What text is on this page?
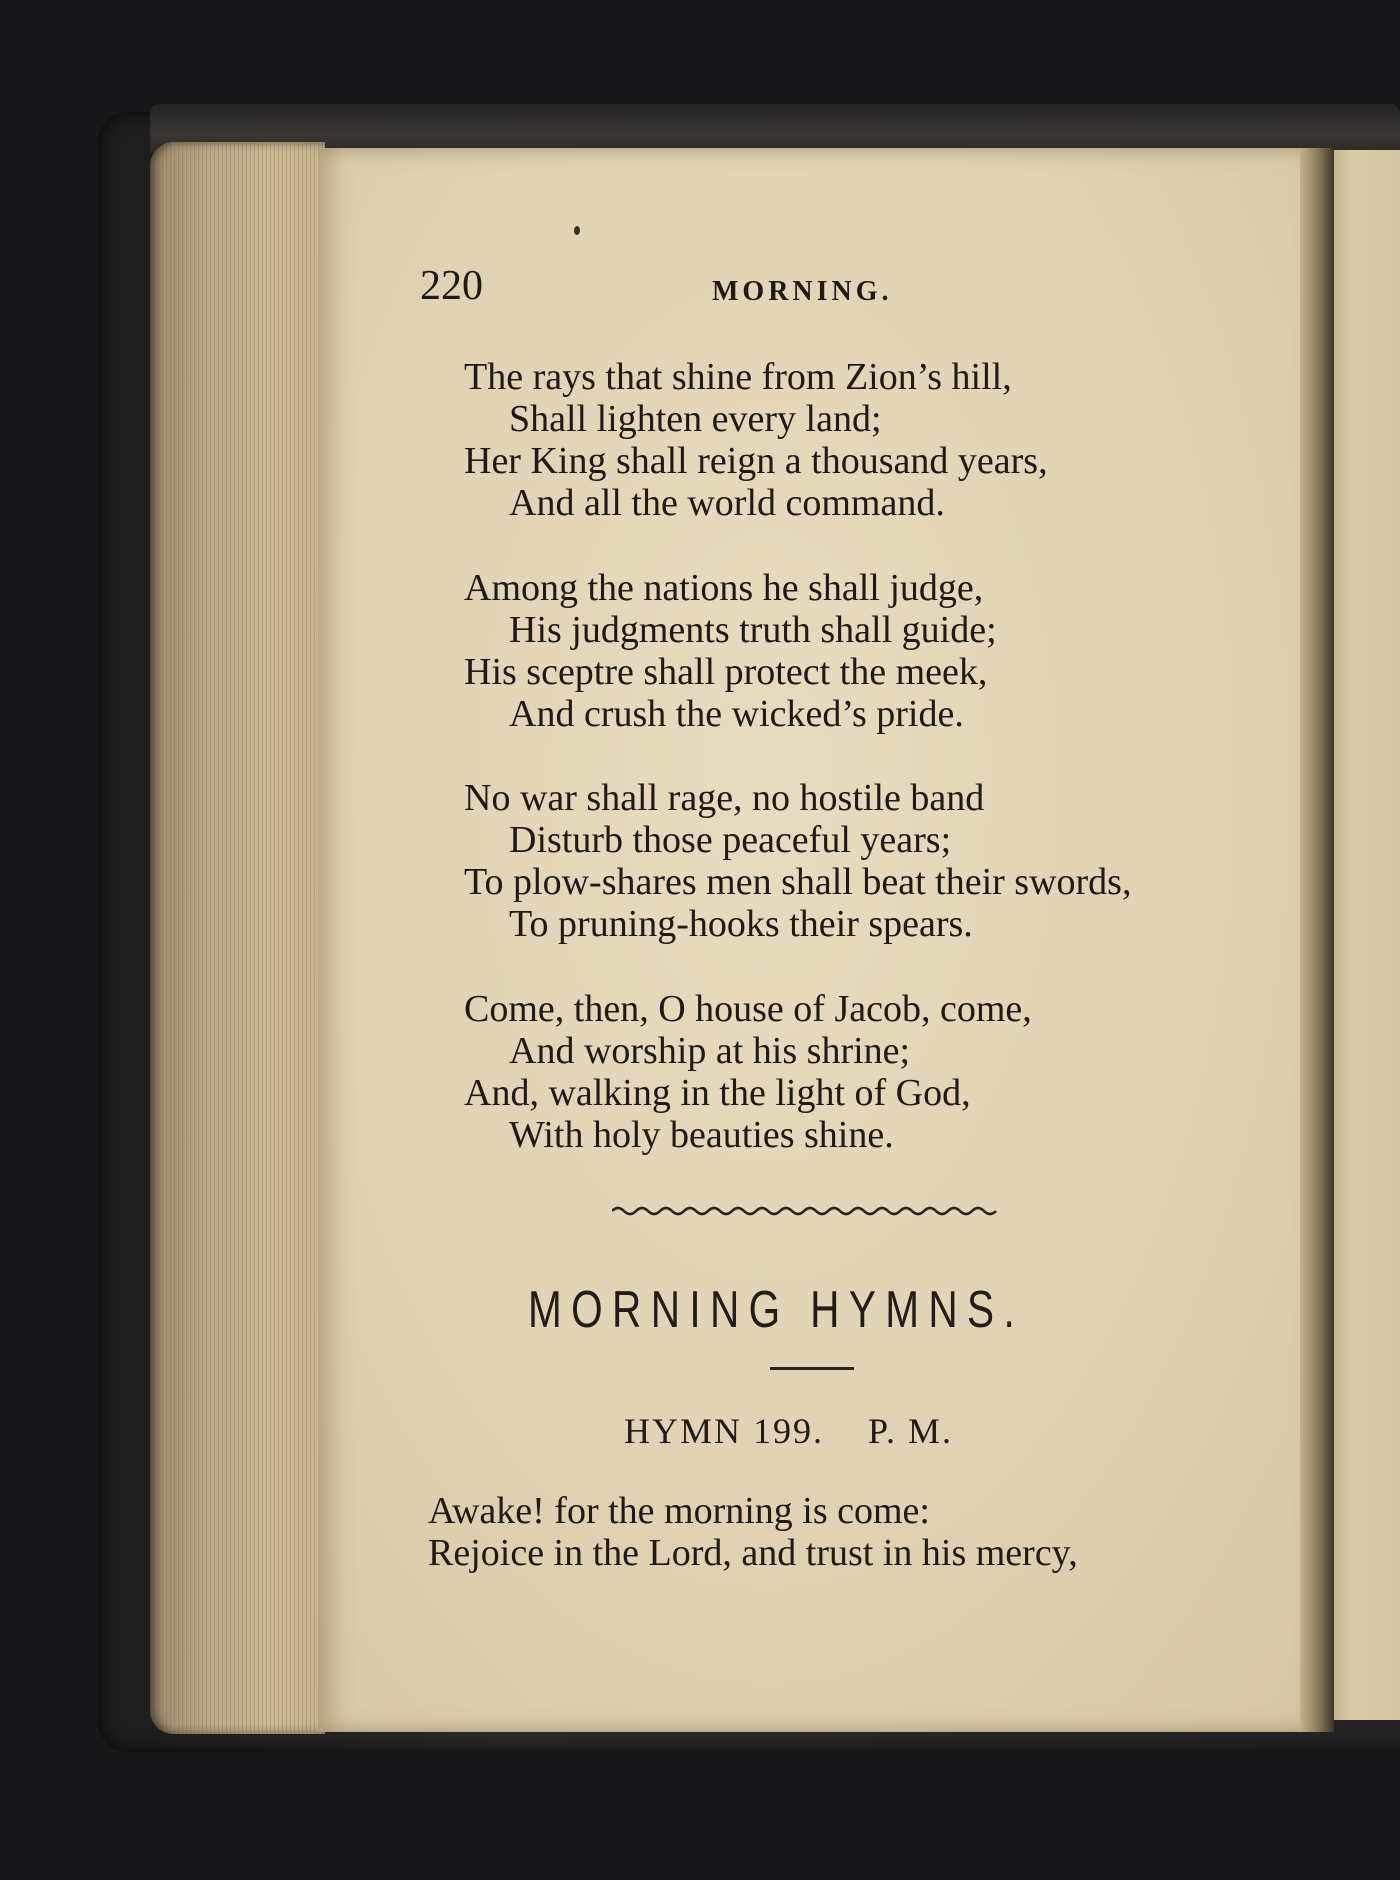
220	MORNING.
The rays that shine from Zion’s hill,
Shall lighten every land;
Her King shall reign a thousand years,
And all the world command.
Among the nations he shall judge,
His judgments truth shall guide;
His sceptre shall protect the meek,
And crush the wicked’s pride.
No war shall rage, no hostile band
Disturb those peaceful years;
To plow-shares men shall beat their swords,
To pruning-hooks their spears.
Come, then, O house of Jacob, come,
And worship at his shrine;
And, walking in the light of God,
With holy beauties shine.
MORNING HYMNS.
HYMN 199.    P. M.
Awake! for the morning is come:
Rejoice in the Lord, and trust in his mercy,
